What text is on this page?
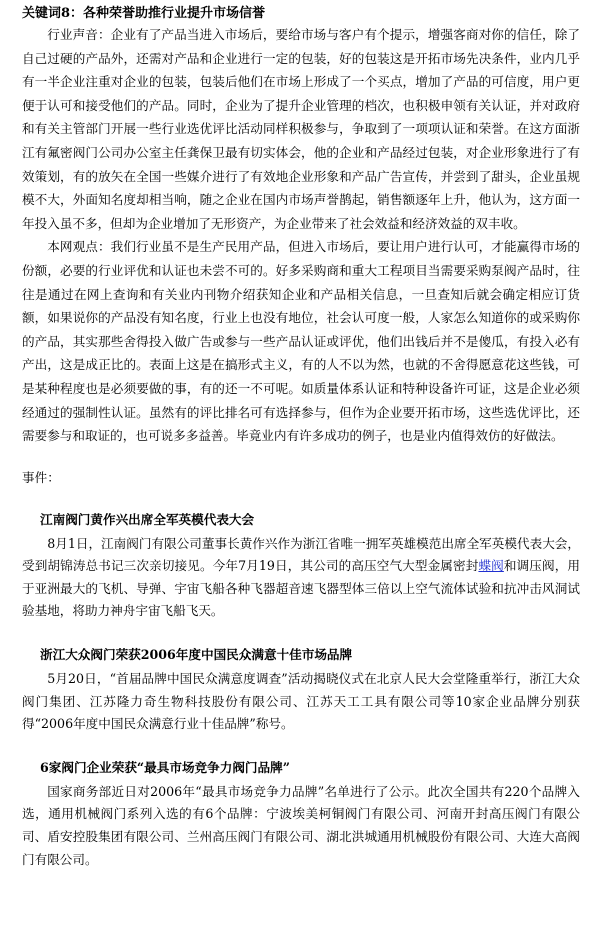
关键词8：各种荣誉助推行业提升市场信誉

行业声音：企业有了产品当进入市场后，要给市场与客户有个提示，增强客商对你的信任，除了自己过硬的产品外，还需对产品和企业进行一定的包装，好的包装这是开拓市场先决条件，业内几乎有一半企业注重对企业的包装，包装后他们在市场上形成了一个买点，增加了产品的可信度，用户更便于认可和接受他们的产品。同时，企业为了提升企业管理的档次，也积极申领有关认证，并对政府和有关主管部门开展一些行业选优评比活动同样积极参与，争取到了一项项认证和荣誉。在这方面浙江有氟密阀门公司办公室主任龚保卫最有切实体会，他的企业和产品经过包装，对企业形象进行了有效策划，有的放矢在全国一些媒介进行了有效地企业形象和产品广告宣传，并尝到了甜头，企业虽规模不大，外面知名度却相当响，随之企业在国内市场声誉鹊起，销售额逐年上升，他认为，这方面一年投入虽不多，但却为企业增加了无形资产，为企业带来了社会效益和经济效益的双丰收。

本网观点：我们行业虽不是生产民用产品，但进入市场后，要让用户进行认可，才能赢得市场的份额，必要的行业评优和认证也未尝不可的。好多采购商和重大工程项目当需要采购泵阀产品时，往往是通过在网上查询和有关业内刊物介绍获知企业和产品相关信息，一旦查知后就会确定相应订货额，如果说你的产品没有知名度，行业上也没有地位，社会认可度一般，人家怎么知道你的或采购你的产品，其实那些舍得投入做广告或参与一些产品认证或评优，他们出钱后并不是傻瓜，有投入必有产出，这是成正比的。表面上这是在搞形式主义，有的人不以为然，也就的不舍得愿意花这些钱，可是某种程度也是必须要做的事，有的还一不可呢。如质量体系认证和特种设备许可证，这是企业必须经通过的强制性认证。虽然有的评比排名可有选择参与，但作为企业要开拓市场，这些选优评比，还需要参与和取证的，也可说多多益善。毕竟业内有许多成功的例子，也是业内值得效仿的好做法。

事件：

江南阀门黄作兴出席全军英模代表大会

8月1日，江南阀门有限公司董事长黄作兴作为浙江省唯一拥军英雄模范出席全军英模代表大会，受到胡锦涛总书记三次亲切接见。今年7月19日，其公司的高压空气大型金属密封蝶阀和调压阀，用于亚洲最大的飞机、导弹、宇宙飞船各种飞器超音速飞器型体三倍以上空气流体试验和抗冲击风洞试验基地，将助力神舟宇宙飞船飞天。

浙江大众阀门荣获2006年度中国民众满意十佳市场品牌

5月20日，“首届品牌中国民众满意度调查”活动揭晓仪式在北京人民大会堂隆重举行，浙江大众阀门集团、江苏隆力奇生物科技股份有限公司、江苏天工工具有限公司等10家企业品牌分别获得“2006年度中国民众满意行业十佳品牌”称号。

6家阀门企业荣获“最具市场竞争力阀门品牌”

国家商务部近日对2006年“最具市场竞争力品牌”名单进行了公示。此次全国共有220个品牌入选，通用机械阀门系列入选的有6个品牌：宁波埃美柯铜阀门有限公司、河南开封高压阀门有限公司、盾安控股集团有限公司、兰州高压阀门有限公司、湖北洪城通用机械股份有限公司、大连大高阀门有限公司。
